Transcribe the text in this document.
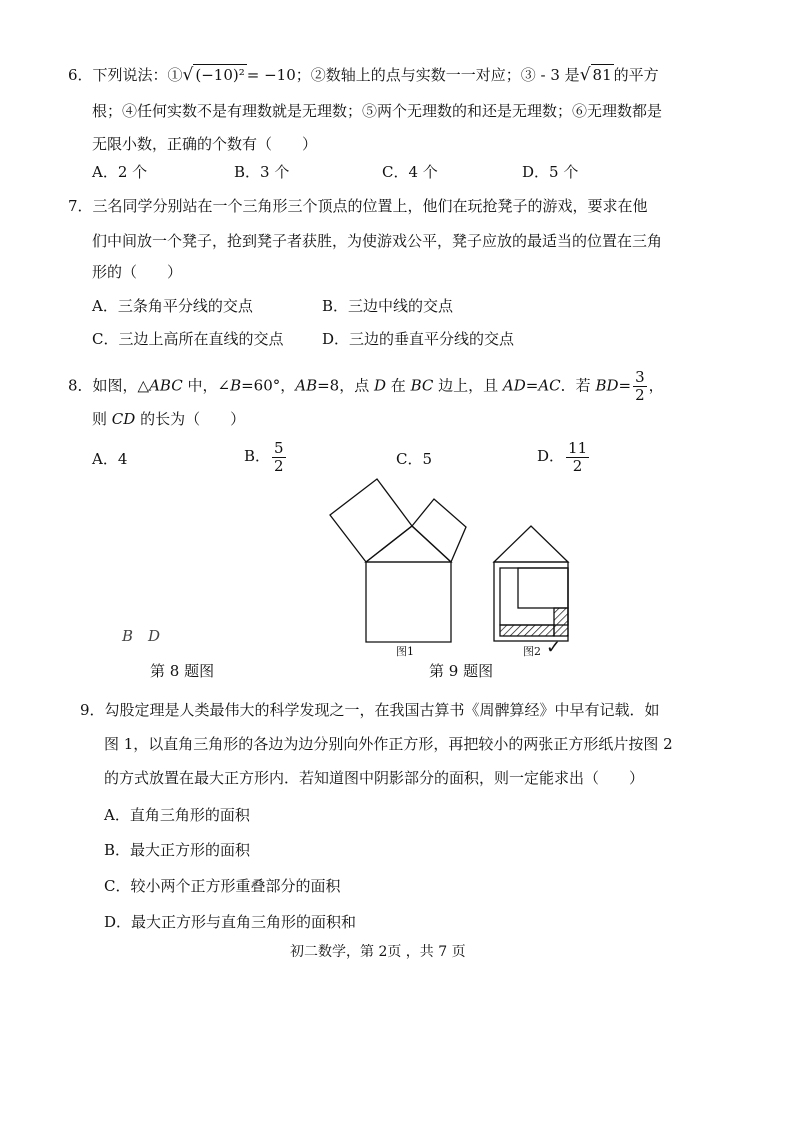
6．下列说法：①√ (−10)² = −10；②数轴上的点与实数一一对应；③ - 3 是√ 81 的平方
根；④任何实数不是有理数就是无理数；⑤两个无理数的和还是无理数；⑥无理数都是
无限小数，正确的个数有（　　）
A．2 个	B．3 个	C．4 个	D．5 个
7．三名同学分别站在一个三角形三个顶点的位置上，他们在玩抢凳子的游戏，要求在他
们中间放一个凳子，抢到凳子者获胜，为使游戏公平，凳子应放的最适当的位置在三角
形的（　　）
A．三条角平分线的交点	B．三边中线的交点
C．三边上高所在直线的交点	D．三边的垂直平分线的交点
8．如图，△ABC 中，∠B=60°，AB=8，点 D 在 BC 边上，且 AD=AC．若 $BD= \frac{3}{2}$ ，
则 CD 的长为（　　）
A．4	B． $\frac{5}{2}$	C．5	D． $\frac{11}{2}$
B　D
第 8 题图
图1	图2 ✓
第 9 题图
9．勾股定理是人类最伟大的科学发现之一，在我国古算书《周髀算经》中早有记载．如
图 1，以直角三角形的各边为边分别向外作正方形，再把较小的两张正方形纸片按图 2
的方式放置在最大正方形内．若知道图中阴影部分的面积，则一定能求出（　　）
A．直角三角形的面积
B．最大正方形的面积
C．较小两个正方形重叠部分的面积
D．最大正方形与直角三角形的面积和
初二数学，第 2页 ，共 7 页
